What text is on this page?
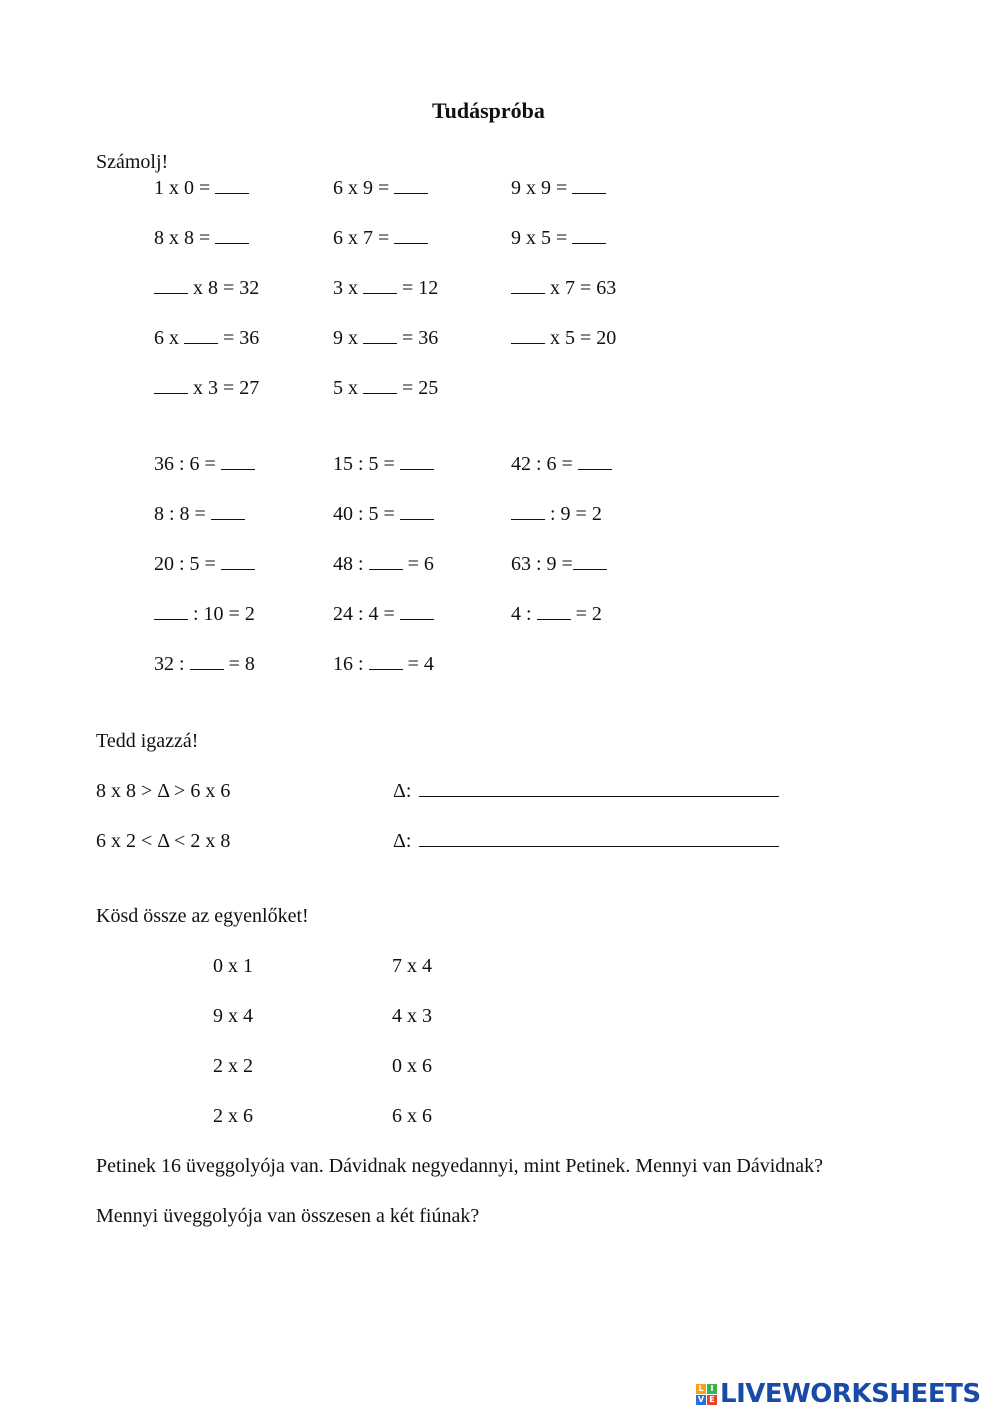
Tudáspróba
Számolj!
1 x 0 =	6 x 9 =	9 x 9 =
8 x 8 =	6 x 7 =	9 x 5 =
x 8 = 32	3 x  = 12	x 7 = 63
6 x  = 36	9 x  = 36	x 5 = 20
x 3 = 27	5 x  = 25
36 : 6 =	15 : 5 =	42 : 6 =
8 : 8 =	40 : 5 =	: 9 = 2
20 : 5 =	48 :  = 6	63 : 9 =
: 10 = 2	24 : 4 =	4 :  = 2
32 :  = 8	16 :  = 4
Tedd igazzá!
8 x 8 > Δ > 6 x 6	Δ:
6 x 2 < Δ < 2 x 8	Δ:
Kösd össze az egyenlőket!
0 x 1	7 x 4
9 x 4	4 x 3
2 x 2	0 x 6
2 x 6	6 x 6
Petinek 16 üveggolyója van. Dávidnak negyedannyi, mint Petinek. Mennyi van Dávidnak?
Mennyi üveggolyója van összesen a két fiúnak?
L I
V E LIVEWORKSHEETS
